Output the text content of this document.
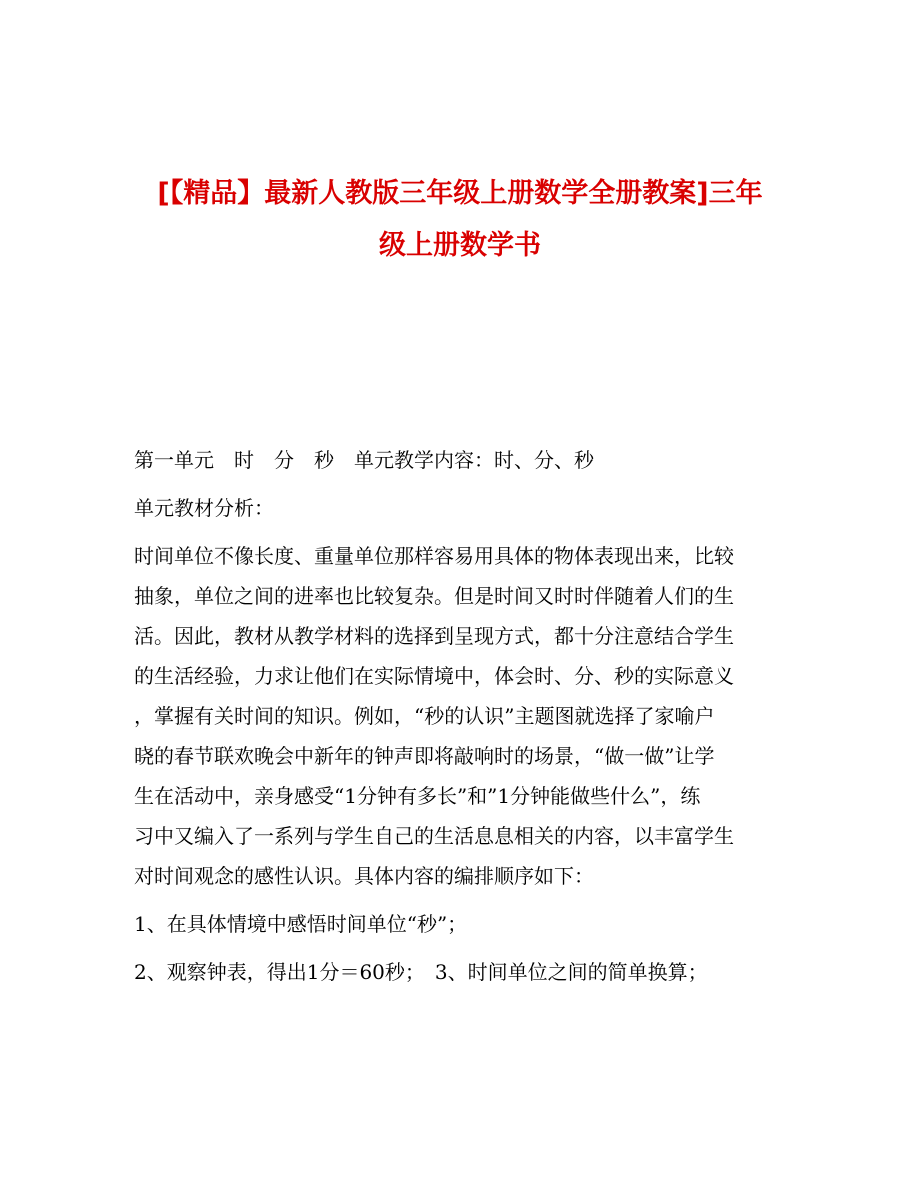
[【精品】最新人教版三年级上册数学全册教案]三年
级上册数学书

第一单元　时　分　秒　单元教学内容：时、分、秒

单元教材分析：

时间单位不像长度、重量单位那样容易用具体的物体表现出来，比较

抽象，单位之间的进率也比较复杂。但是时间又时时伴随着人们的生

活。因此，教材从教学材料的选择到呈现方式，都十分注意结合学生

的生活经验，力求让他们在实际情境中，体会时、分、秒的实际意义

，掌握有关时间的知识。例如，“秒的认识”主题图就选择了家喻户

晓的春节联欢晚会中新年的钟声即将敲响时的场景，“做一做”让学

生在活动中，亲身感受“1分钟有多长”和”1分钟能做些什么”，练

习中又编入了一系列与学生自己的生活息息相关的内容，以丰富学生

对时间观念的感性认识。具体内容的编排顺序如下：

1、在具体情境中感悟时间单位“秒”；

2、观察钟表，得出1分＝60秒；　3、时间单位之间的简单换算；
